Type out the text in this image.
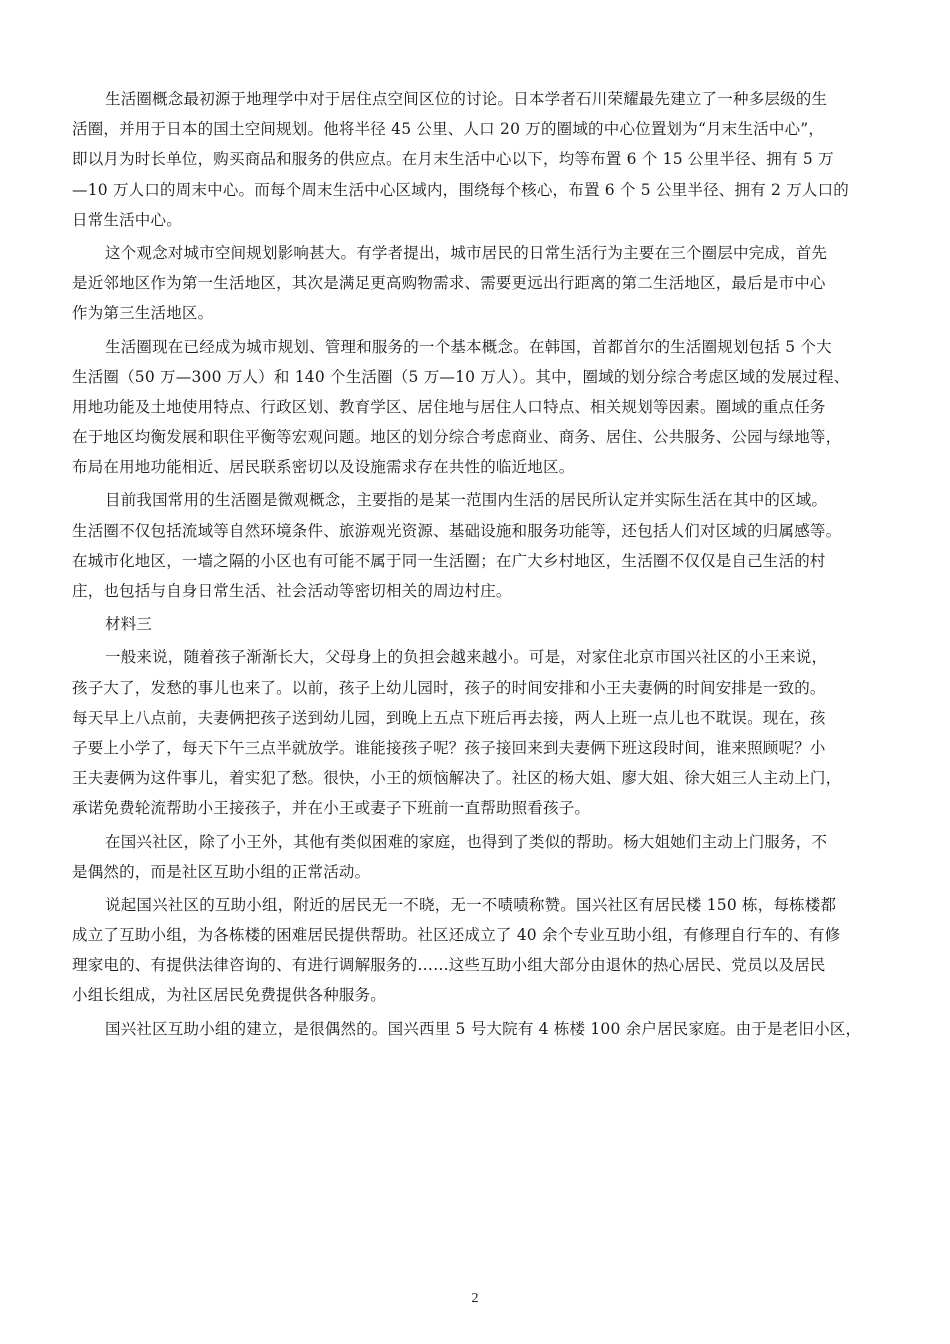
生活圈概念最初源于地理学中对于居住点空间区位的讨论。日本学者石川荣耀最先建立了一种多层级的生
活圈，并用于日本的国土空间规划。他将半径 45 公里、人口 20 万的圈域的中心位置划为“月末生活中心”，
即以月为时长单位，购买商品和服务的供应点。在月末生活中心以下，均等布置 6 个 15 公里半径、拥有 5 万
—10 万人口的周末中心。而每个周末生活中心区域内，围绕每个核心，布置 6 个 5 公里半径、拥有 2 万人口的
日常生活中心。
这个观念对城市空间规划影响甚大。有学者提出，城市居民的日常生活行为主要在三个圈层中完成，首先
是近邻地区作为第一生活地区，其次是满足更高购物需求、需要更远出行距离的第二生活地区，最后是市中心
作为第三生活地区。
生活圈现在已经成为城市规划、管理和服务的一个基本概念。在韩国，首都首尔的生活圈规划包括 5 个大
生活圈（50 万—300 万人）和 140 个生活圈（5 万—10 万人）。其中，圈域的划分综合考虑区域的发展过程、
用地功能及土地使用特点、行政区划、教育学区、居住地与居住人口特点、相关规划等因素。圈域的重点任务
在于地区均衡发展和职住平衡等宏观问题。地区的划分综合考虑商业、商务、居住、公共服务、公园与绿地等，
布局在用地功能相近、居民联系密切以及设施需求存在共性的临近地区。
目前我国常用的生活圈是微观概念，主要指的是某一范围内生活的居民所认定并实际生活在其中的区域。
生活圈不仅包括流域等自然环境条件、旅游观光资源、基础设施和服务功能等，还包括人们对区域的归属感等。
在城市化地区，一墙之隔的小区也有可能不属于同一生活圈；在广大乡村地区，生活圈不仅仅是自己生活的村
庄，也包括与自身日常生活、社会活动等密切相关的周边村庄。
材料三
一般来说，随着孩子渐渐长大，父母身上的负担会越来越小。可是，对家住北京市国兴社区的小王来说，
孩子大了，发愁的事儿也来了。以前，孩子上幼儿园时，孩子的时间安排和小王夫妻俩的时间安排是一致的。
每天早上八点前，夫妻俩把孩子送到幼儿园，到晚上五点下班后再去接，两人上班一点儿也不耽误。现在，孩
子要上小学了，每天下午三点半就放学。谁能接孩子呢？孩子接回来到夫妻俩下班这段时间，谁来照顾呢？小
王夫妻俩为这件事儿，着实犯了愁。很快，小王的烦恼解决了。社区的杨大姐、廖大姐、徐大姐三人主动上门，
承诺免费轮流帮助小王接孩子，并在小王或妻子下班前一直帮助照看孩子。
在国兴社区，除了小王外，其他有类似困难的家庭，也得到了类似的帮助。杨大姐她们主动上门服务，不
是偶然的，而是社区互助小组的正常活动。
说起国兴社区的互助小组，附近的居民无一不晓，无一不啧啧称赞。国兴社区有居民楼 150 栋，每栋楼都
成立了互助小组，为各栋楼的困难居民提供帮助。社区还成立了 40 余个专业互助小组，有修理自行车的、有修
理家电的、有提供法律咨询的、有进行调解服务的……这些互助小组大部分由退休的热心居民、党员以及居民
小组长组成，为社区居民免费提供各种服务。
国兴社区互助小组的建立，是很偶然的。国兴西里 5 号大院有 4 栋楼 100 余户居民家庭。由于是老旧小区，
2
